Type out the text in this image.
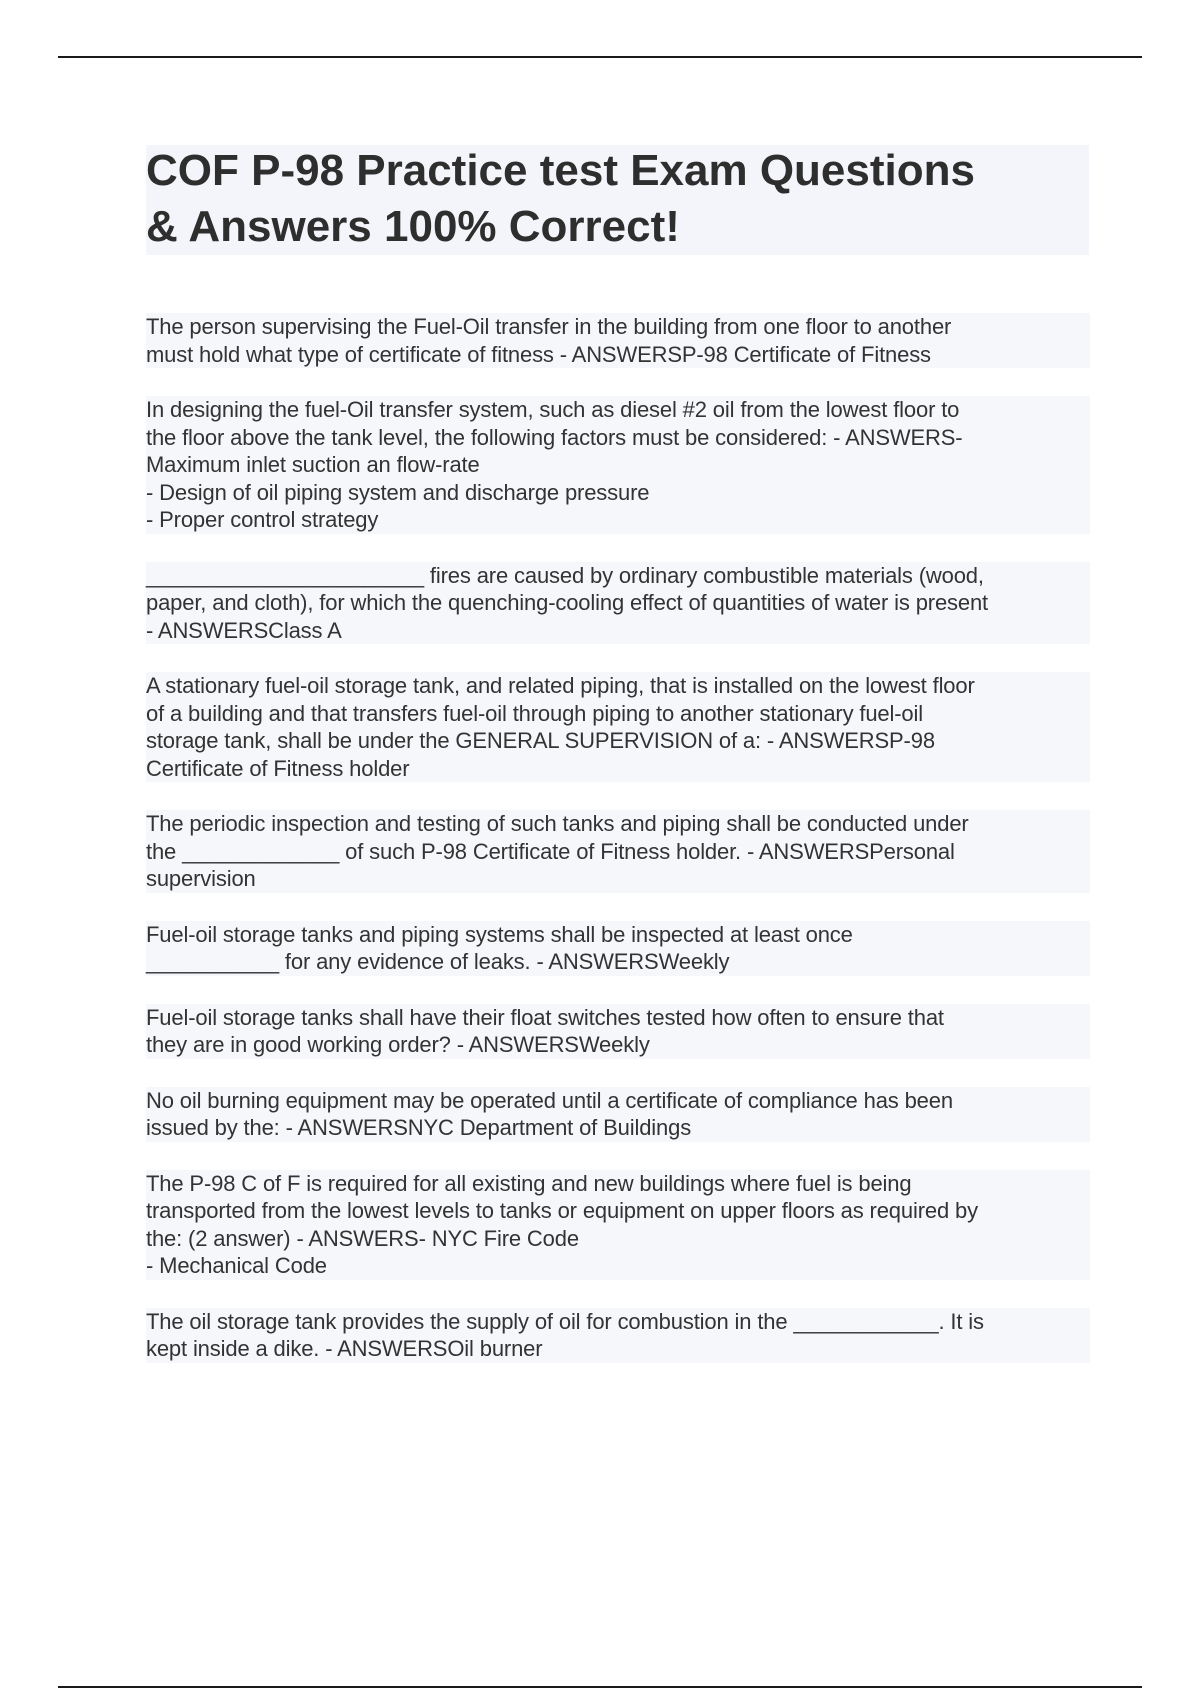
COF P-98 Practice test Exam Questions
& Answers 100% Correct!

The person supervising the Fuel-Oil transfer in the building from one floor to another
must hold what type of certificate of fitness - ANSWERSP-98 Certificate of Fitness

In designing the fuel-Oil transfer system, such as diesel #2 oil from the lowest floor to
the floor above the tank level, the following factors must be considered: - ANSWERS-
Maximum inlet suction an flow-rate
- Design of oil piping system and discharge pressure
- Proper control strategy

_______________________ fires are caused by ordinary combustible materials (wood,
paper, and cloth), for which the quenching-cooling effect of quantities of water is present
- ANSWERSClass A

A stationary fuel-oil storage tank, and related piping, that is installed on the lowest floor
of a building and that transfers fuel-oil through piping to another stationary fuel-oil
storage tank, shall be under the GENERAL SUPERVISION of a: - ANSWERSP-98
Certificate of Fitness holder

The periodic inspection and testing of such tanks and piping shall be conducted under
the _____________ of such P-98 Certificate of Fitness holder. - ANSWERSPersonal
supervision

Fuel-oil storage tanks and piping systems shall be inspected at least once
___________ for any evidence of leaks. - ANSWERSWeekly

Fuel-oil storage tanks shall have their float switches tested how often to ensure that
they are in good working order? - ANSWERSWeekly

No oil burning equipment may be operated until a certificate of compliance has been
issued by the: - ANSWERSNYC Department of Buildings

The P-98 C of F is required for all existing and new buildings where fuel is being
transported from the lowest levels to tanks or equipment on upper floors as required by
the: (2 answer) - ANSWERS- NYC Fire Code
- Mechanical Code

The oil storage tank provides the supply of oil for combustion in the ____________. It is
kept inside a dike. - ANSWERSOil burner
